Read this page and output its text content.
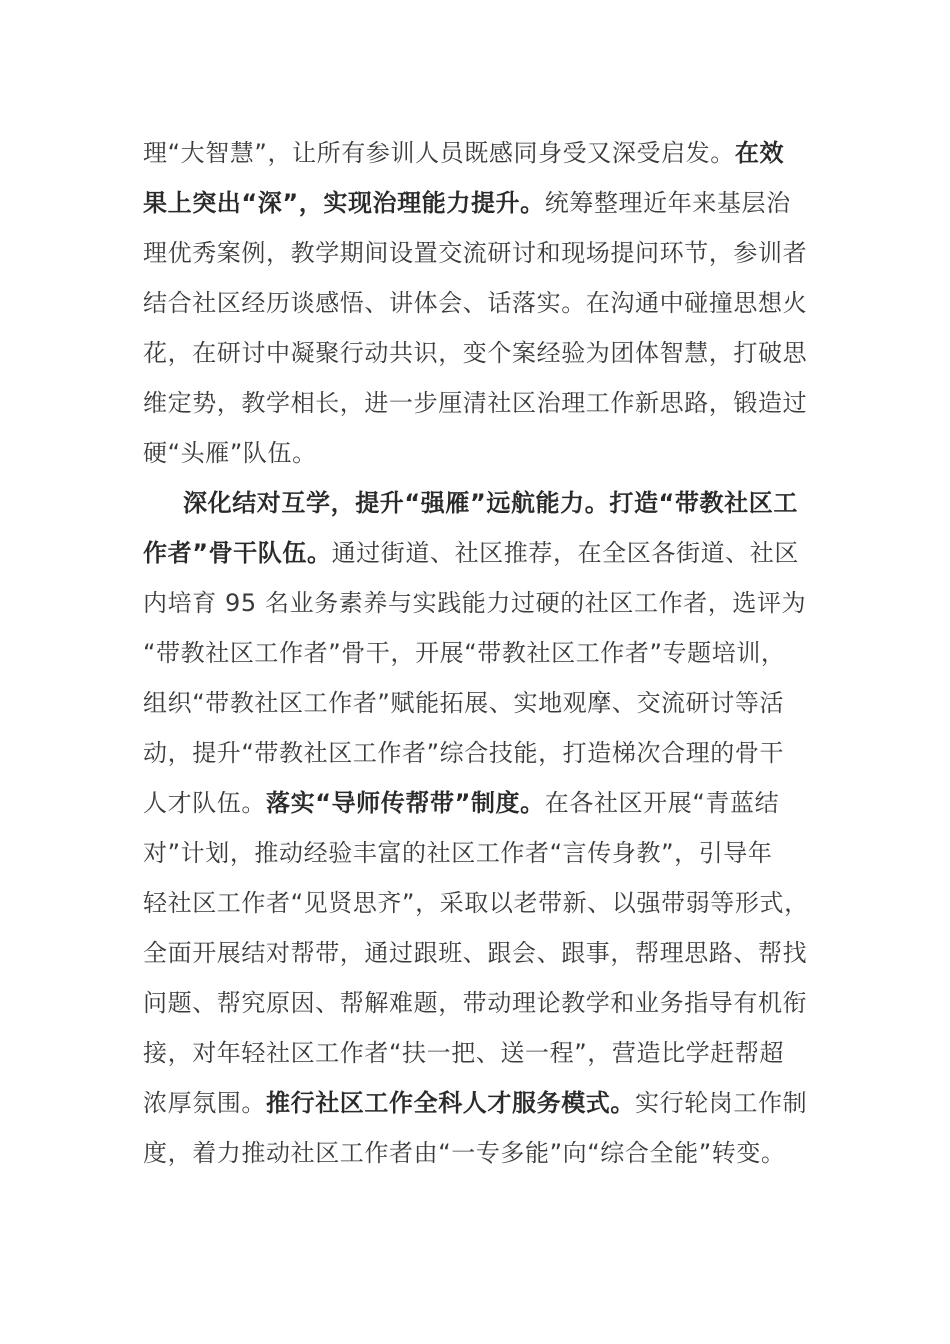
理“大智慧”，让所有参训人员既感同身受又深受启发。在效
果上突出“深”，实现治理能力提升。统筹整理近年来基层治
理优秀案例，教学期间设置交流研讨和现场提问环节，参训者
结合社区经历谈感悟、讲体会、话落实。在沟通中碰撞思想火
花，在研讨中凝聚行动共识，变个案经验为团体智慧，打破思
维定势，教学相长，进一步厘清社区治理工作新思路，锻造过
硬“头雁”队伍。
深化结对互学，提升“强雁”远航能力。打造“带教社区工
作者”骨干队伍。通过街道、社区推荐，在全区各街道、社区
内培育 95 名业务素养与实践能力过硬的社区工作者，选评为
“带教社区工作者”骨干，开展“带教社区工作者”专题培训，
组织“带教社区工作者”赋能拓展、实地观摩、交流研讨等活
动，提升“带教社区工作者”综合技能，打造梯次合理的骨干
人才队伍。落实“导师传帮带”制度。在各社区开展“青蓝结
对”计划，推动经验丰富的社区工作者“言传身教”，引导年
轻社区工作者“见贤思齐”，采取以老带新、以强带弱等形式，
全面开展结对帮带，通过跟班、跟会、跟事，帮理思路、帮找
问题、帮究原因、帮解难题，带动理论教学和业务指导有机衔
接，对年轻社区工作者“扶一把、送一程”，营造比学赶帮超
浓厚氛围。推行社区工作全科人才服务模式。实行轮岗工作制
度，着力推动社区工作者由“一专多能”向“综合全能”转变。
